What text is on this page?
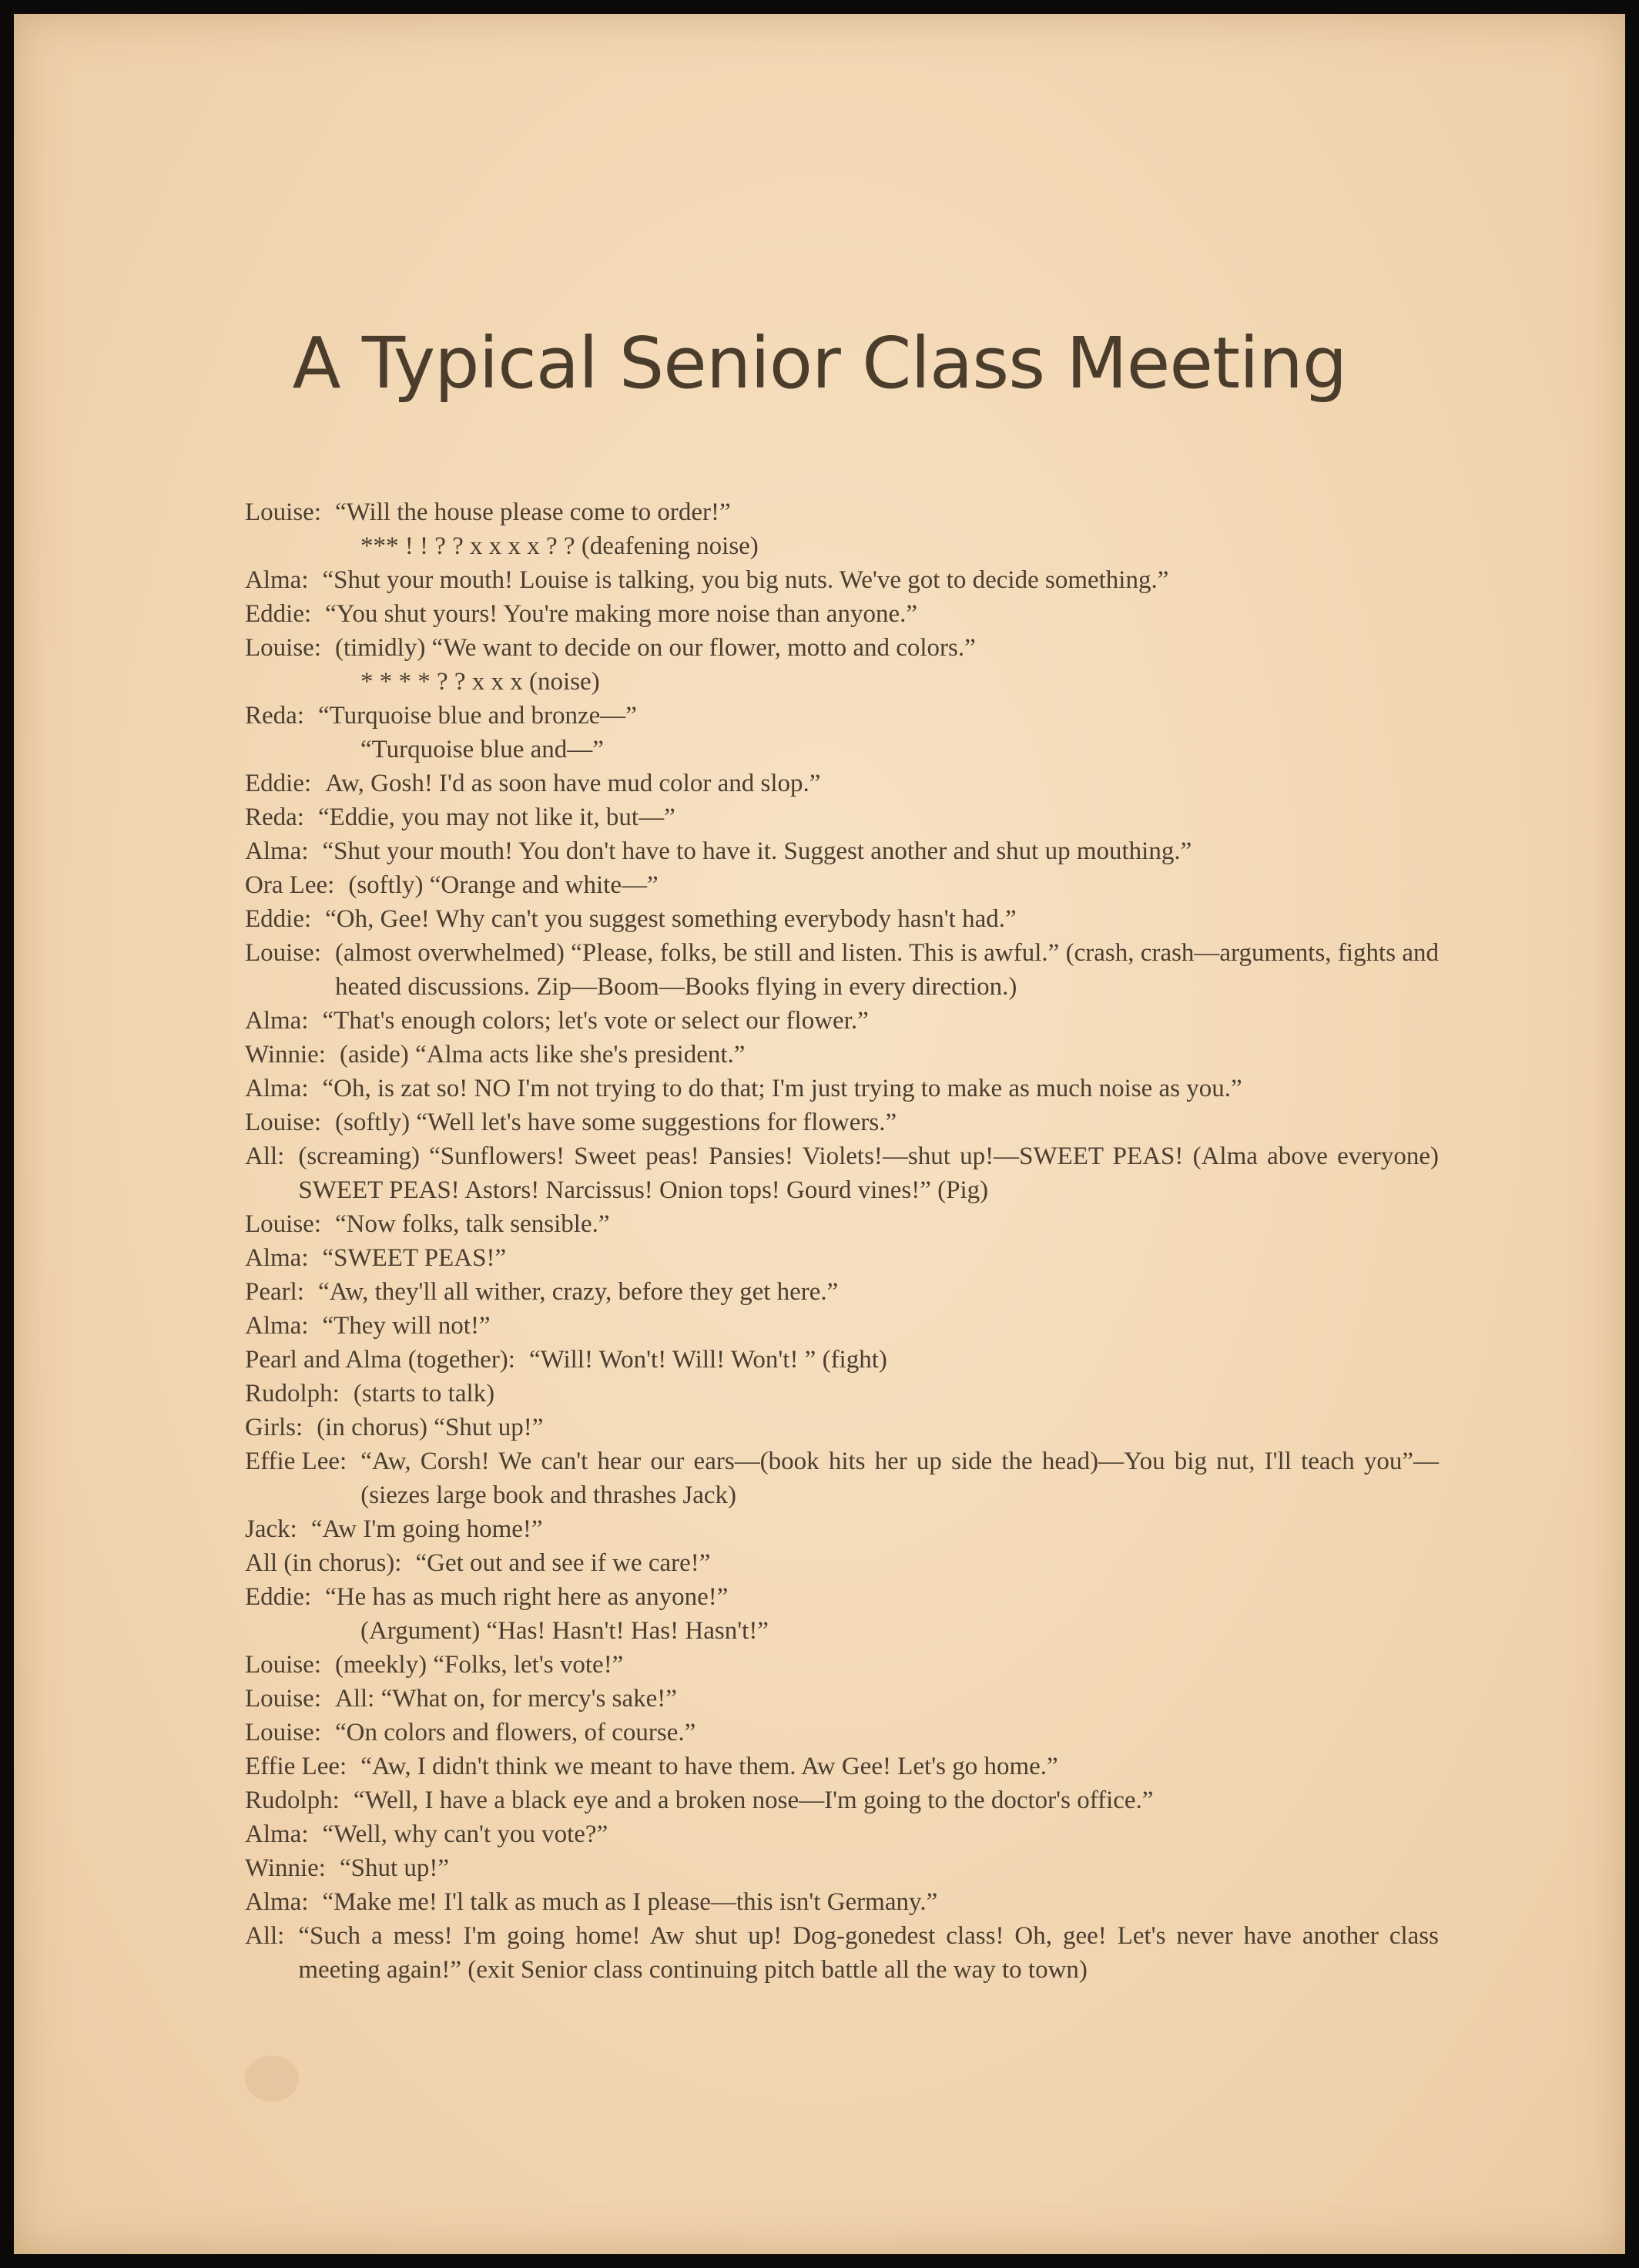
A Typical Senior Class Meeting
Louise: “Will the house please come to order!”
*** ! ! ? ? x x x x ? ? (deafening noise)
Alma: “Shut your mouth! Louise is talking, you big nuts. We've got to decide something.”
Eddie: “You shut yours! You're making more noise than anyone.”
Louise: (timidly) “We want to decide on our flower, motto and colors.”
* * * * ? ? x x x (noise)
Reda: “Turquoise blue and bronze—”
“Turquoise blue and—”
Eddie: Aw, Gosh! I'd as soon have mud color and slop.”
Reda: “Eddie, you may not like it, but—”
Alma: “Shut your mouth! You don't have to have it. Suggest another and shut up mouthing.”
Ora Lee: (softly) “Orange and white—”
Eddie: “Oh, Gee! Why can't you suggest something everybody hasn't had.”
Louise: (almost overwhelmed) “Please, folks, be still and listen. This is awful.” (crash, crash—arguments, fights and heated discussions. Zip—Boom—Books flying in every direction.)
Alma: “That's enough colors; let's vote or select our flower.”
Winnie: (aside) “Alma acts like she's president.”
Alma: “Oh, is zat so! NO I'm not trying to do that; I'm just trying to make as much noise as you.”
Louise: (softly) “Well let's have some suggestions for flowers.”
All: (screaming) “Sunflowers! Sweet peas! Pansies! Violets!—shut up!—SWEET PEAS! (Alma above everyone) SWEET PEAS! Astors! Narcissus! Onion tops! Gourd vines!” (Pig)
Louise: “Now folks, talk sensible.”
Alma: “SWEET PEAS!”
Pearl: “Aw, they'll all wither, crazy, before they get here.”
Alma: “They will not!”
Pearl and Alma (together): “Will! Won't! Will! Won't! ” (fight)
Rudolph: (starts to talk)
Girls: (in chorus) “Shut up!”
Effie Lee: “Aw, Corsh! We can't hear our ears—(book hits her up side the head)—You big nut, I'll teach you”—(siezes large book and thrashes Jack)
Jack: “Aw I'm going home!”
All (in chorus): “Get out and see if we care!”
Eddie: “He has as much right here as anyone!”
(Argument) “Has! Hasn't! Has! Hasn't!”
Louise: (meekly) “Folks, let's vote!”
Louise: All: “What on, for mercy's sake!”
Louise: “On colors and flowers, of course.”
Effie Lee: “Aw, I didn't think we meant to have them. Aw Gee! Let's go home.”
Rudolph: “Well, I have a black eye and a broken nose—I'm going to the doctor's office.”
Alma: “Well, why can't you vote?”
Winnie: “Shut up!”
Alma: “Make me! I'l talk as much as I please—this isn't Germany.”
All: “Such a mess! I'm going home! Aw shut up! Dog-gonedest class! Oh, gee! Let's never have another class meeting again!” (exit Senior class continuing pitch battle all the way to town)
